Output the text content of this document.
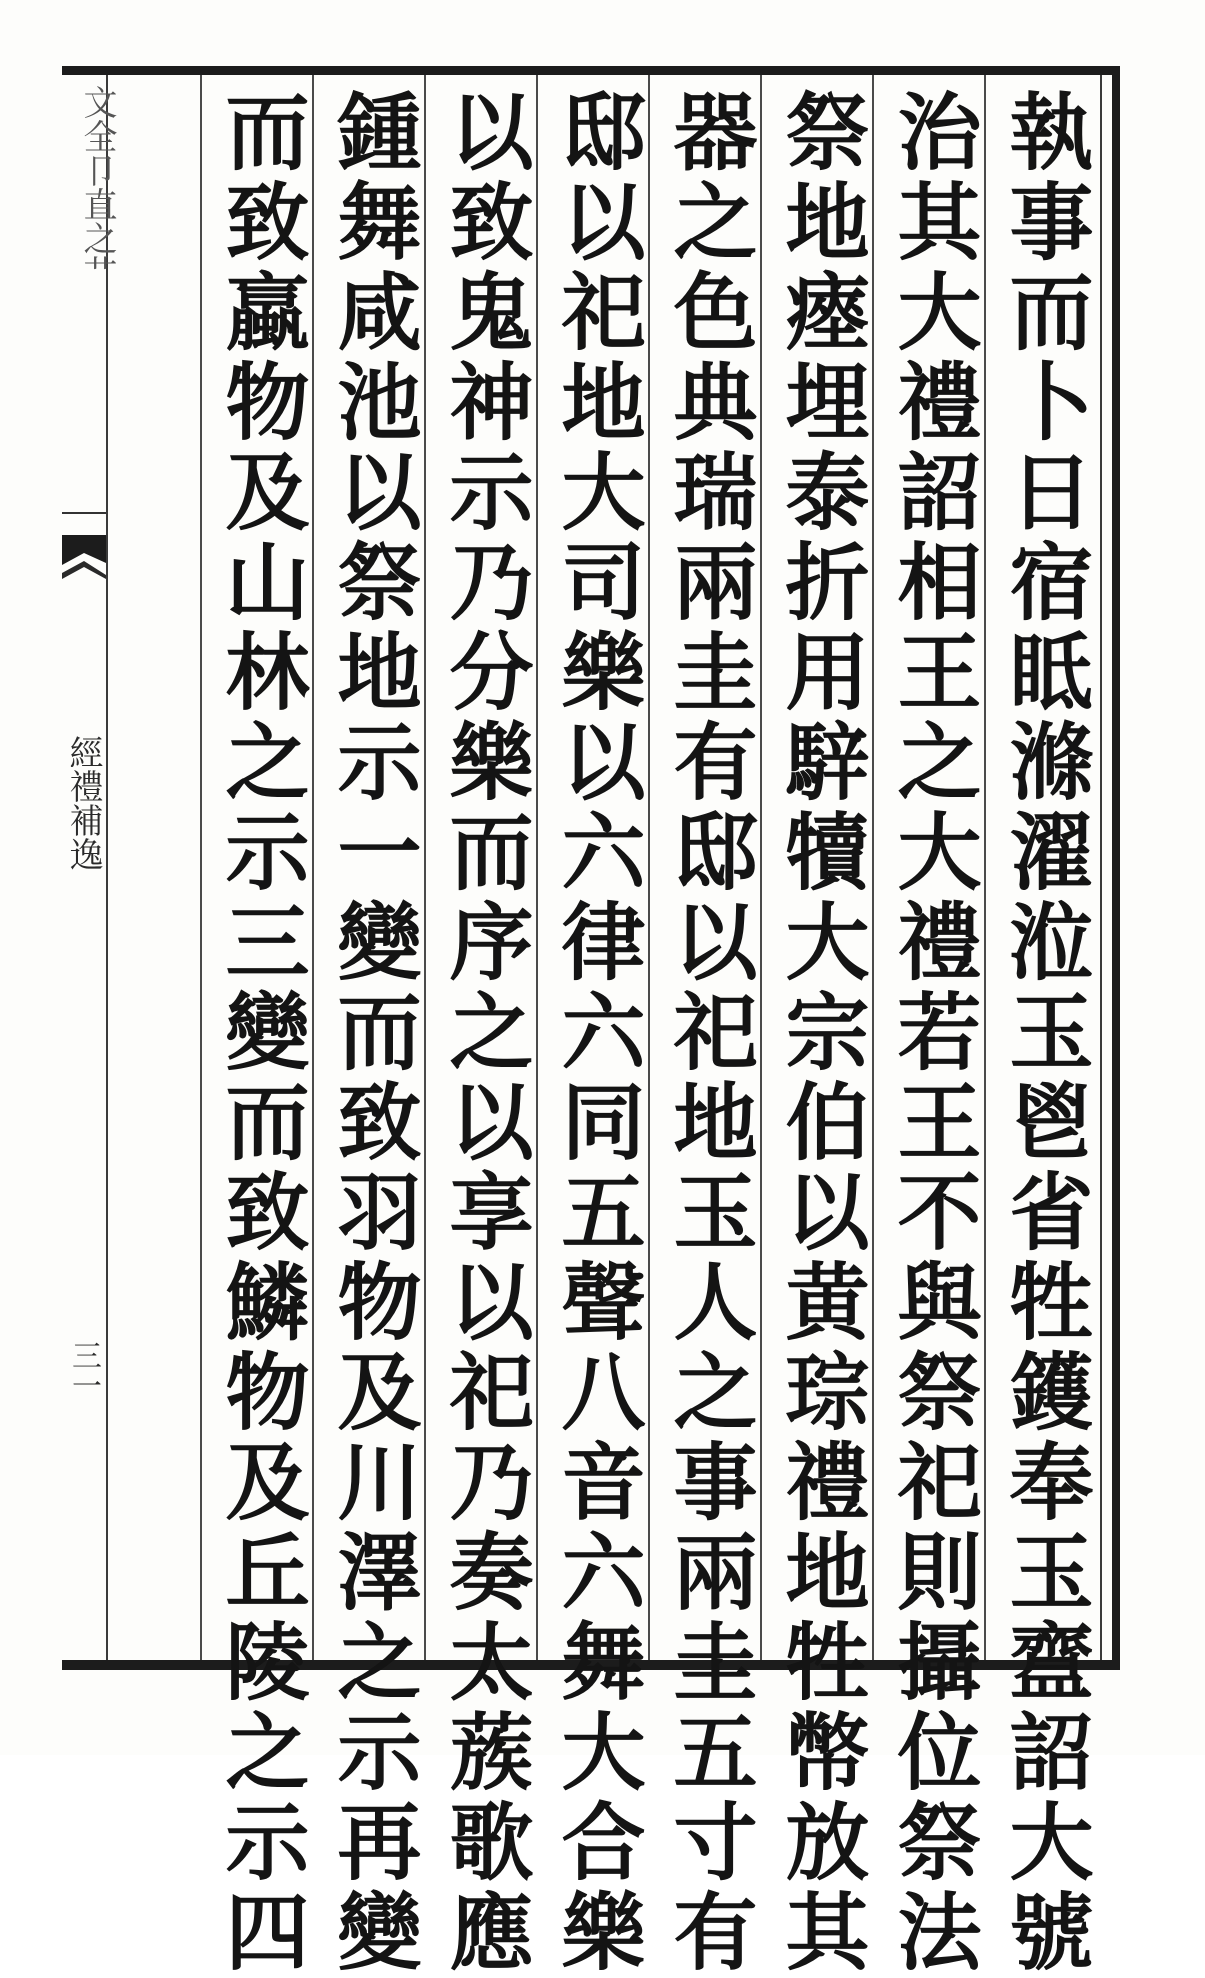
文全卩直之艹
經禮補逸
三一	執事而卜日宿眡滌濯涖玉鬯省牲鑊奉玉齍詔大號
治其大禮詔相王之大禮若王不與祭祀則攝位祭法
祭地瘞埋泰折用騂犢大宗伯以黄琮禮地牲幣放其
器之色典瑞兩圭有邸以祀地玉人之事兩圭五寸有
邸以祀地大司樂以六律六同五聲八音六舞大合樂
以致鬼神示乃分樂而序之以享以祀乃奏太蔟歌應
鍾舞咸池以祭地示一變而致羽物及川澤之示再變
而致蠃物及山林之示三變而致鱗物及丘陵之示四
